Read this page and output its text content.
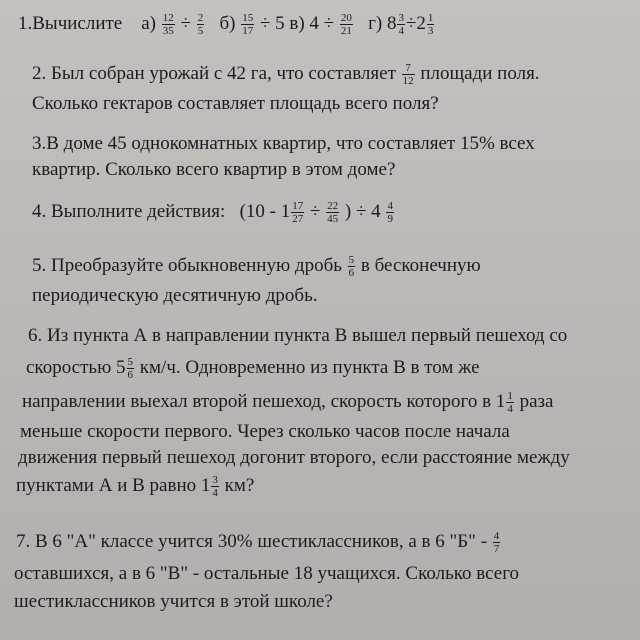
1.Вычислите $а) \frac{12}{35} \div \frac{2}{5} б) \frac{15}{17} \div 5$ в) $4 \div \frac{20}{21} г$) $8 \frac{3}{4} \div 2 \frac{1}{3}$
2. Был собран урожай с 42 га, что составляет $\frac{7}{12}$ площади поля.
Сколько гектаров составляет площадь всего поля?
3.В доме 45 однокомнатных квартир, что составляет 15% всех
квартир. Сколько всего квартир в этом доме?
4. Выполните действия: ($10 - 1 \frac{17}{27} \div \frac{22}{45}$ ) ÷ $4 \frac{4}{9}$
5. Преобразуйте обыкновенную дробь $\frac{5}{6}$ в бесконечную
периодическую десятичную дробь.
6. Из пункта А в направлении пункта В вышел первый пешеход со
скоростью $5 \frac{5}{6} км/ч$. Одновременно из пункта В в том же
направлении выехал второй пешеход, скорость которого в $1 \frac{1}{4}$ раза
меньше скорости первого. Через сколько часов после начала
движения первый пешеход догонит второго, если расстояние между
пунктами А и В равно $1 \frac{3}{4}$ км?
7. В 6 "А" классе учится 30% шестиклассников, а в 6 "Б" - $\frac{4}{7}$
оставшихся, а в 6 "В" - остальные 18 учащихся. Сколько всего
шестиклассников учится в этой школе?
